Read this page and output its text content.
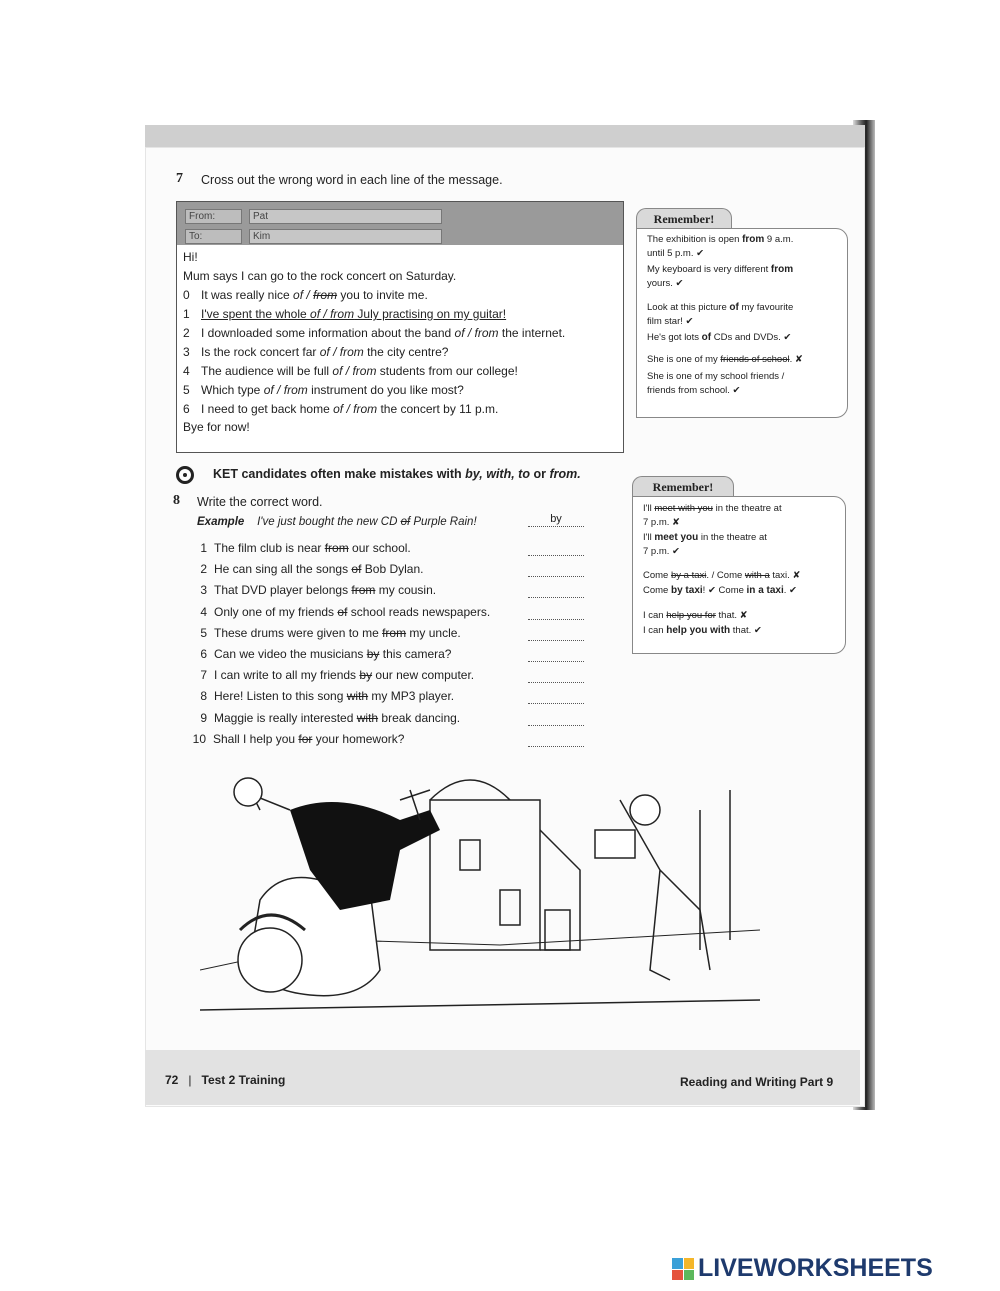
7 Cross out the wrong word in each line of the message.
From:	Pat
To:	Kim
Hi!
Mum says I can go to the rock concert on Saturday.
0 It was really nice of / from you to invite me.
1 I've spent the whole of / from July practising on my guitar!
2 I downloaded some information about the band of / from the internet.
3 Is the rock concert far of / from the city centre?
4 The audience will be full of / from students from our college!
5 Which type of / from instrument do you like most?
6 I need to get back home of / from the concert by 11 p.m.
Bye for now!
Remember!
The exhibition is open from 9 a.m.
until 5 p.m. ✔
My keyboard is very different from
yours. ✔
Look at this picture of my favourite
film star! ✔
He's got lots of CDs and DVDs. ✔
She is one of my friends of school. ✘
She is one of my school friends /
friends from school. ✔
KET candidates often make mistakes with by, with, to or from.
8 Write the correct word.
Example I've just bought the new CD of Purple Rain!	by
1 The film club is near from our school.
2 He can sing all the songs of Bob Dylan.
3 That DVD player belongs from my cousin.
4 Only one of my friends of school reads newspapers.
5 These drums were given to me from my uncle.
6 Can we video the musicians by this camera?
7 I can write to all my friends by our new computer.
8 Here! Listen to this song with my MP3 player.
9 Maggie is really interested with break dancing.
10 Shall I help you for your homework?
Remember!
I'll meet with you in the theatre at
7 p.m. ✘
I'll meet you in the theatre at
7 p.m. ✔
Come by a taxi. / Come with a taxi. ✘
Come by taxi! ✔ Come in a taxi. ✔
I can help you for that. ✘
I can help you with that. ✔
72 | Test 2 Training	Reading and Writing Part 9
LIVEWORKSHEETS
